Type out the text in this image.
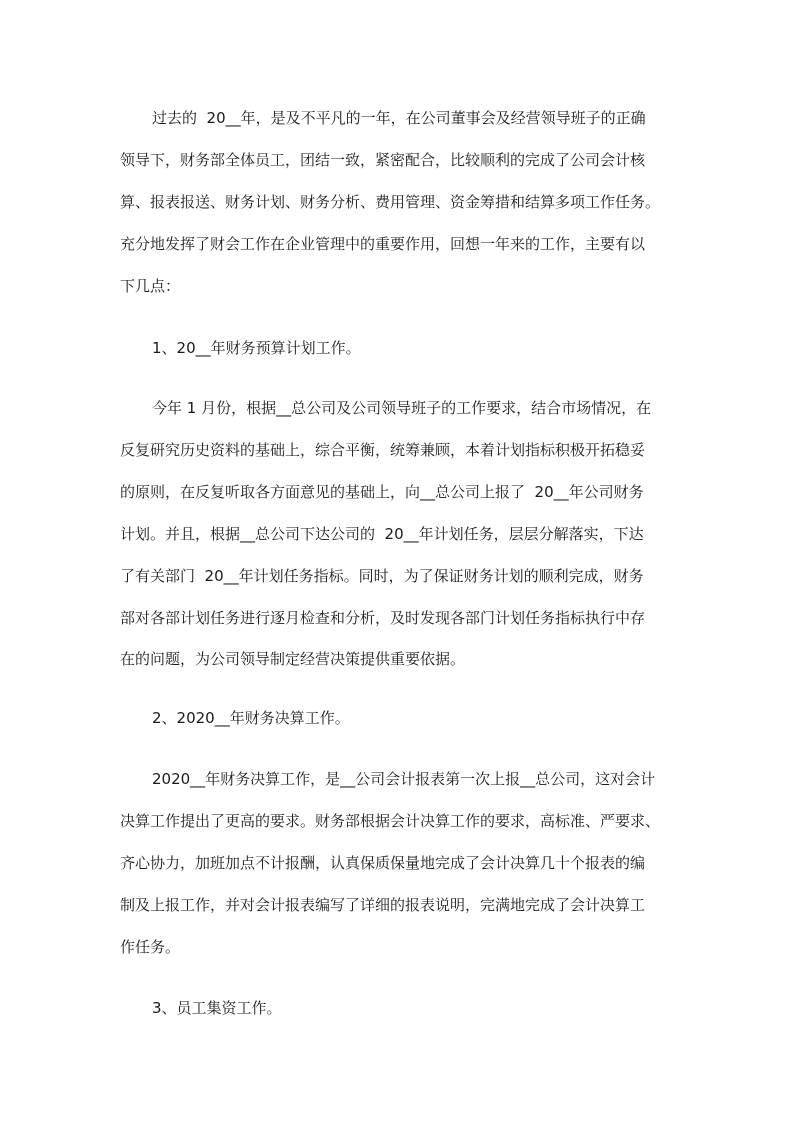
过去的  20__年，是及不平凡的一年，在公司董事会及经营领导班子的正确
领导下，财务部全体员工，团结一致，紧密配合，比较顺利的完成了公司会计核
算、报表报送、财务计划、财务分析、费用管理、资金筹措和结算多项工作任务。
充分地发挥了财会工作在企业管理中的重要作用，回想一年来的工作，主要有以
下几点：
1、20__年财务预算计划工作。
今年 1 月份，根据__总公司及公司领导班子的工作要求，结合市场情况，在
反复研究历史资料的基础上，综合平衡，统筹兼顾，本着计划指标积极开拓稳妥
的原则，在反复听取各方面意见的基础上，向__总公司上报了  20__年公司财务
计划。并且，根据__总公司下达公司的  20__年计划任务，层层分解落实，下达
了有关部门  20__年计划任务指标。同时，为了保证财务计划的顺利完成，财务
部对各部计划任务进行逐月检查和分析，及时发现各部门计划任务指标执行中存
在的问题，为公司领导制定经营决策提供重要依据。
2、2020__年财务决算工作。
2020__年财务决算工作，是__公司会计报表第一次上报__总公司，这对会计
决算工作提出了更高的要求。财务部根据会计决算工作的要求，高标准、严要求、
齐心协力，加班加点不计报酬，认真保质保量地完成了会计决算几十个报表的编
制及上报工作，并对会计报表编写了详细的报表说明，完满地完成了会计决算工
作任务。
3、员工集资工作。
